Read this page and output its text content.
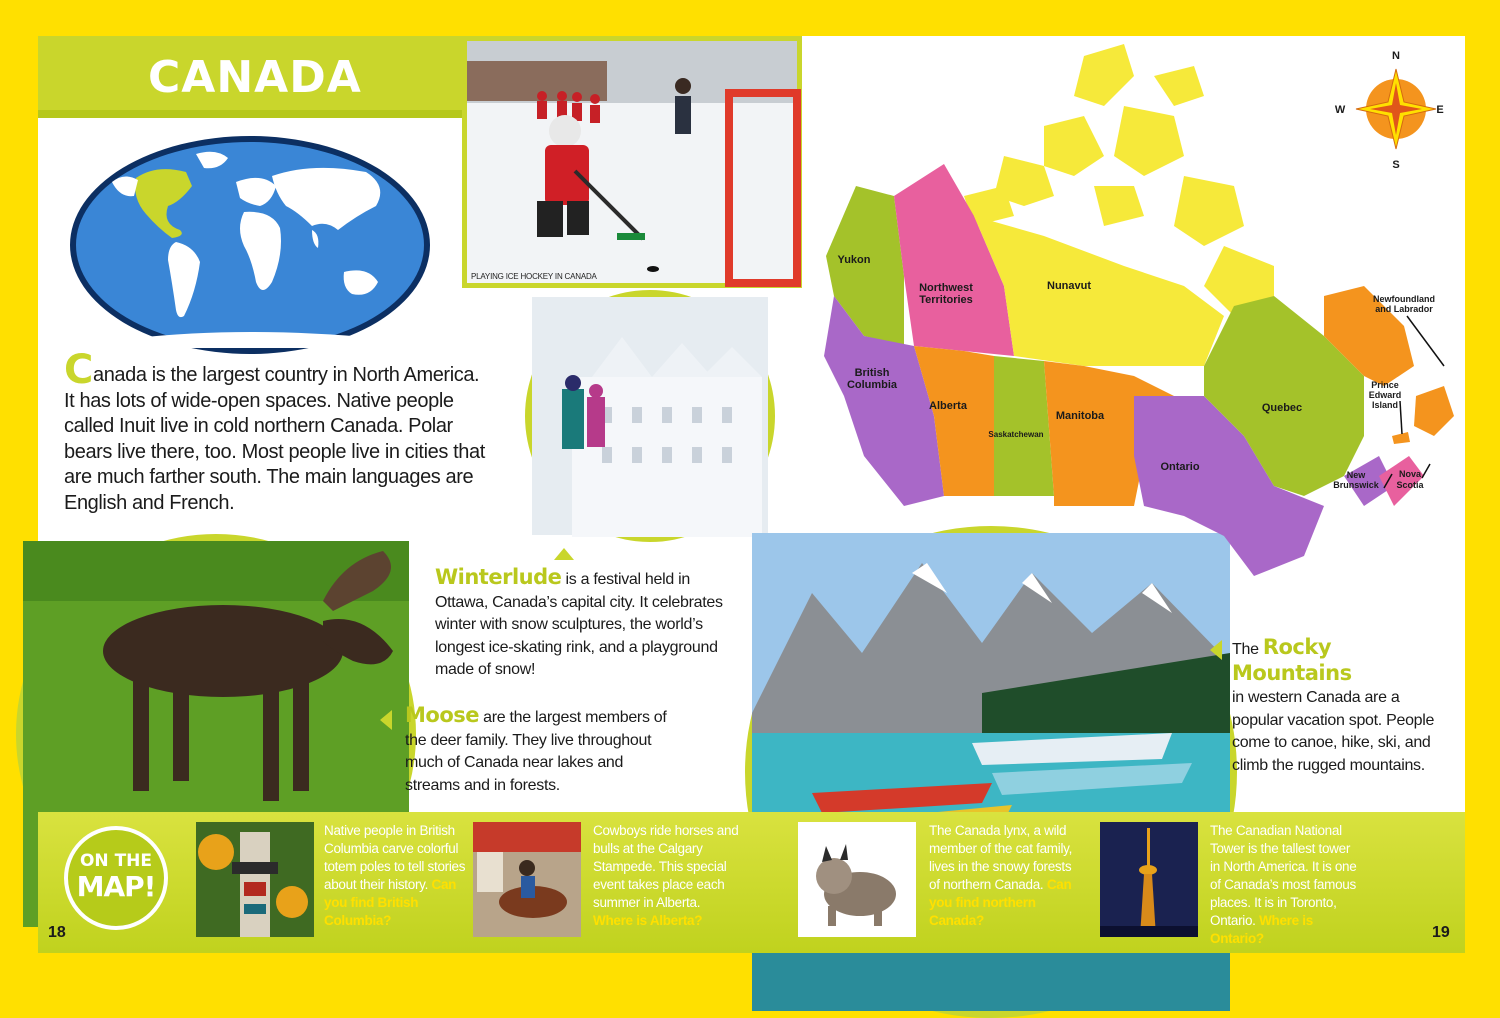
CANADA
PLAYING ICE HOCKEY IN CANADA
Canada is the largest country in North America. It has lots of wide-open spaces. Native people called Inuit live in cold northern Canada. Polar bears live there, too. Most people live in cities that are much farther south. The main languages are English and French.
Winterlude is a festival held in Ottawa, Canada’s capital city. It celebrates winter with snow sculptures, the world’s longest ice-skating rink, and a playground made of snow!
Moose are the largest members of the deer family. They live throughout much of Canada near lakes and streams and in forests.
The Rocky Mountains
in western Canada are a popular vacation spot. People come to canoe, hike, ski, and climb the rugged mountains.
Yukon
Northwest
Territories
Nunavut
British
Columbia
Alberta
Saskatchewan
Manitoba
Ontario
Quebec
Newfoundland
and Labrador
Prince
Edward
Island
New
Brunswick
Nova
Scotia
N
S
E
W
ON THE
MAP!
18	19
Native people in British Columbia carve colorful totem poles to tell stories about their history. Can you find British Columbia?
Cowboys ride horses and bulls at the Calgary Stampede. This special event takes place each summer in Alberta. Where is Alberta?
The Canada lynx, a wild member of the cat family, lives in the snowy forests of northern Canada. Can you find northern Canada?
The Canadian National Tower is the tallest tower in North America. It is one of Canada’s most famous places. It is in Toronto, Ontario. Where is Ontario?
